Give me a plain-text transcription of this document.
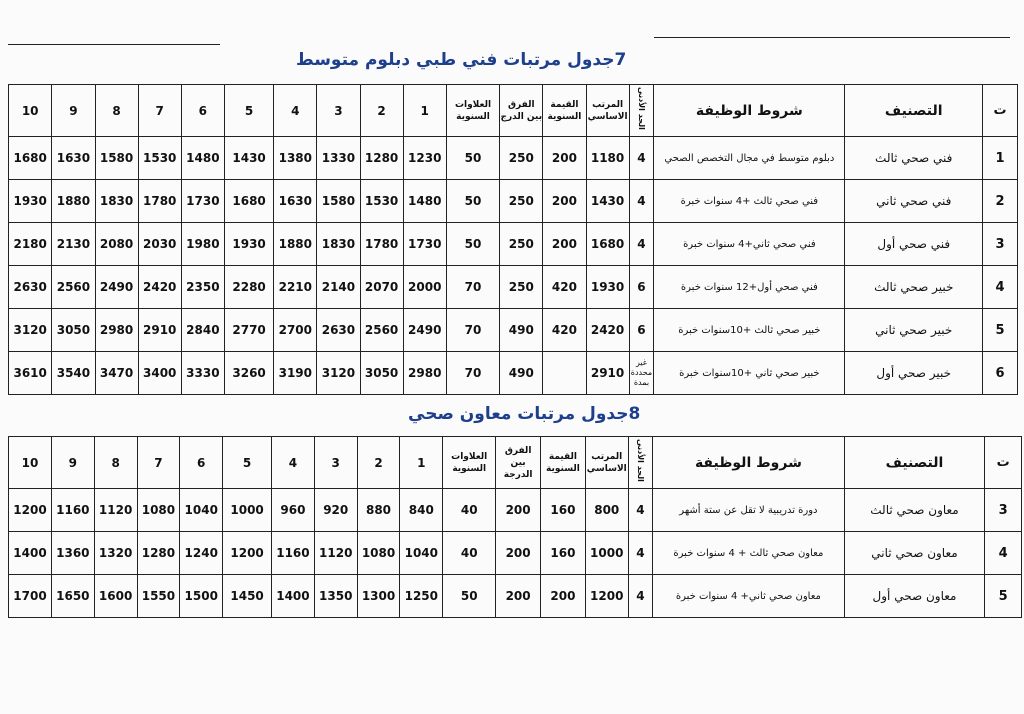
7جدول مرتبات فني طبي دبلوم متوسط
ت	التصنيف	شروط الوظيفة	الحد الأدنى	المرتب الاساسي	القيمة السنوية	الفرق بين الدرج	العلاوات السنوية	1	2	3	4	5	6	7	8	9	10
1	فني صحي ثالث	دبلوم متوسط في مجال التخصص الصحي	4	1180	200	250	50	1230	1280	1330	1380	1430	1480	1530	1580	1630	1680
2	فني صحي ثاني	فني صحي ثالث +4 سنوات خبرة	4	1430	200	250	50	1480	1530	1580	1630	1680	1730	1780	1830	1880	1930
3	فني صحي أول	فني صحي ثاني+4 سنوات خبرة	4	1680	200	250	50	1730	1780	1830	1880	1930	1980	2030	2080	2130	2180
4	خبير صحي ثالث	فني صحي أول+12 سنوات خبرة	6	1930	420	250	70	2000	2070	2140	2210	2280	2350	2420	2490	2560	2630
5	خبير صحي ثاني	خبير صحي ثالث +10سنوات خبرة	6	2420	420	490	70	2490	2560	2630	2700	2770	2840	2910	2980	3050	3120
6	خبير صحي أول	خبير صحي ثاني +10سنوات خبرة	غير محددة بمدة	2910		490	70	2980	3050	3120	3190	3260	3330	3400	3470	3540	3610
8جدول مرتبات معاون صحي
ت	التصنيف	شروط الوظيفة	الحد الأدنى	المرتب الاساسي	القيمة السنوية	الفرق بين الدرجة	العلاوات السنوية	1	2	3	4	5	6	7	8	9	10
3	معاون صحي ثالث	دورة تدريبية لا تقل عن ستة أشهر	4	800	160	200	40	840	880	920	960	1000	1040	1080	1120	1160	1200
4	معاون صحي ثاني	معاون صحي ثالث + 4 سنوات خبرة	4	1000	160	200	40	1040	1080	1120	1160	1200	1240	1280	1320	1360	1400
5	معاون صحي أول	معاون صحي ثاني+ 4 سنوات خبرة	4	1200	200	200	50	1250	1300	1350	1400	1450	1500	1550	1600	1650	1700
